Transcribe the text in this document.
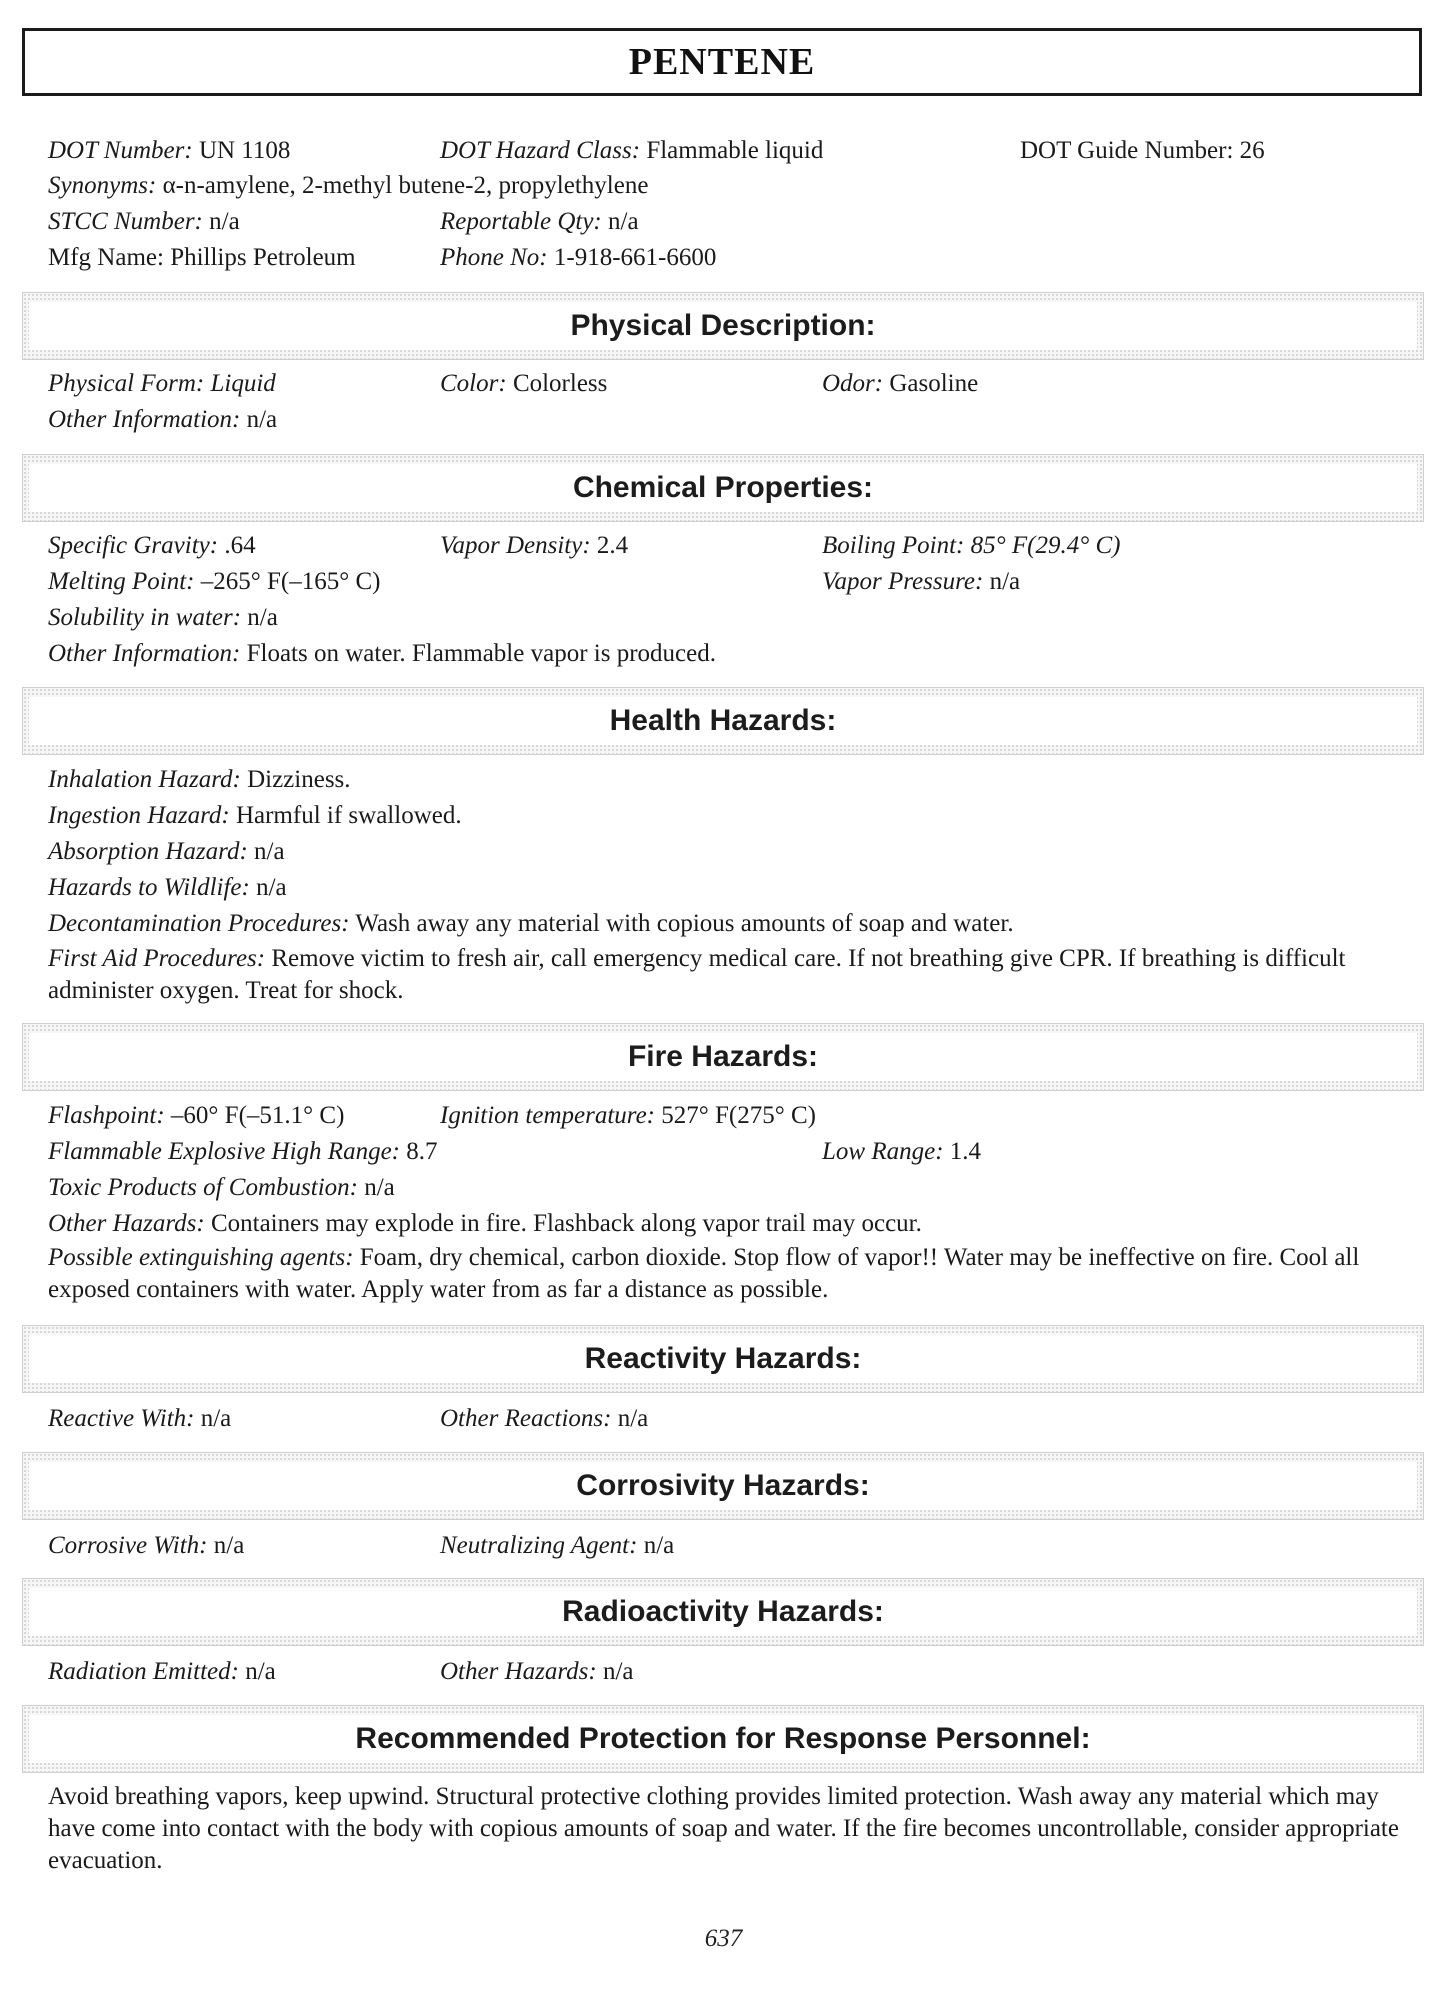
PENTENE
DOT Number: UN 1108	DOT Hazard Class: Flammable liquid	DOT Guide Number: 26
Synonyms: α-n-amylene, 2-methyl butene-2, propylethylene
STCC Number: n/a	Reportable Qty: n/a
Mfg Name: Phillips Petroleum	Phone No: 1-918-661-6600
Physical Description:
Physical Form: Liquid	Color: Colorless	Odor: Gasoline
Other Information: n/a
Chemical Properties:
Specific Gravity: .64	Vapor Density: 2.4	Boiling Point: 85° F(29.4° C)
Melting Point: –265° F(–165° C)	Vapor Pressure: n/a
Solubility in water: n/a
Other Information: Floats on water. Flammable vapor is produced.
Health Hazards:
Inhalation Hazard: Dizziness.
Ingestion Hazard: Harmful if swallowed.
Absorption Hazard: n/a
Hazards to Wildlife: n/a
Decontamination Procedures: Wash away any material with copious amounts of soap and water.
First Aid Procedures: Remove victim to fresh air, call emergency medical care. If not breathing give CPR. If breathing is difficult administer oxygen. Treat for shock.
Fire Hazards:
Flashpoint: –60° F(–51.1° C)	Ignition temperature: 527° F(275° C)
Flammable Explosive High Range: 8.7	Low Range: 1.4
Toxic Products of Combustion: n/a
Other Hazards: Containers may explode in fire. Flashback along vapor trail may occur.
Possible extinguishing agents: Foam, dry chemical, carbon dioxide. Stop flow of vapor!! Water may be ineffective on fire. Cool all exposed containers with water. Apply water from as far a distance as possible.
Reactivity Hazards:
Reactive With: n/a	Other Reactions: n/a
Corrosivity Hazards:
Corrosive With: n/a	Neutralizing Agent: n/a
Radioactivity Hazards:
Radiation Emitted: n/a	Other Hazards: n/a
Recommended Protection for Response Personnel:
Avoid breathing vapors, keep upwind. Structural protective clothing provides limited protection. Wash away any material which may have come into contact with the body with copious amounts of soap and water. If the fire becomes uncontrollable, consider appropriate evacuation.
637
